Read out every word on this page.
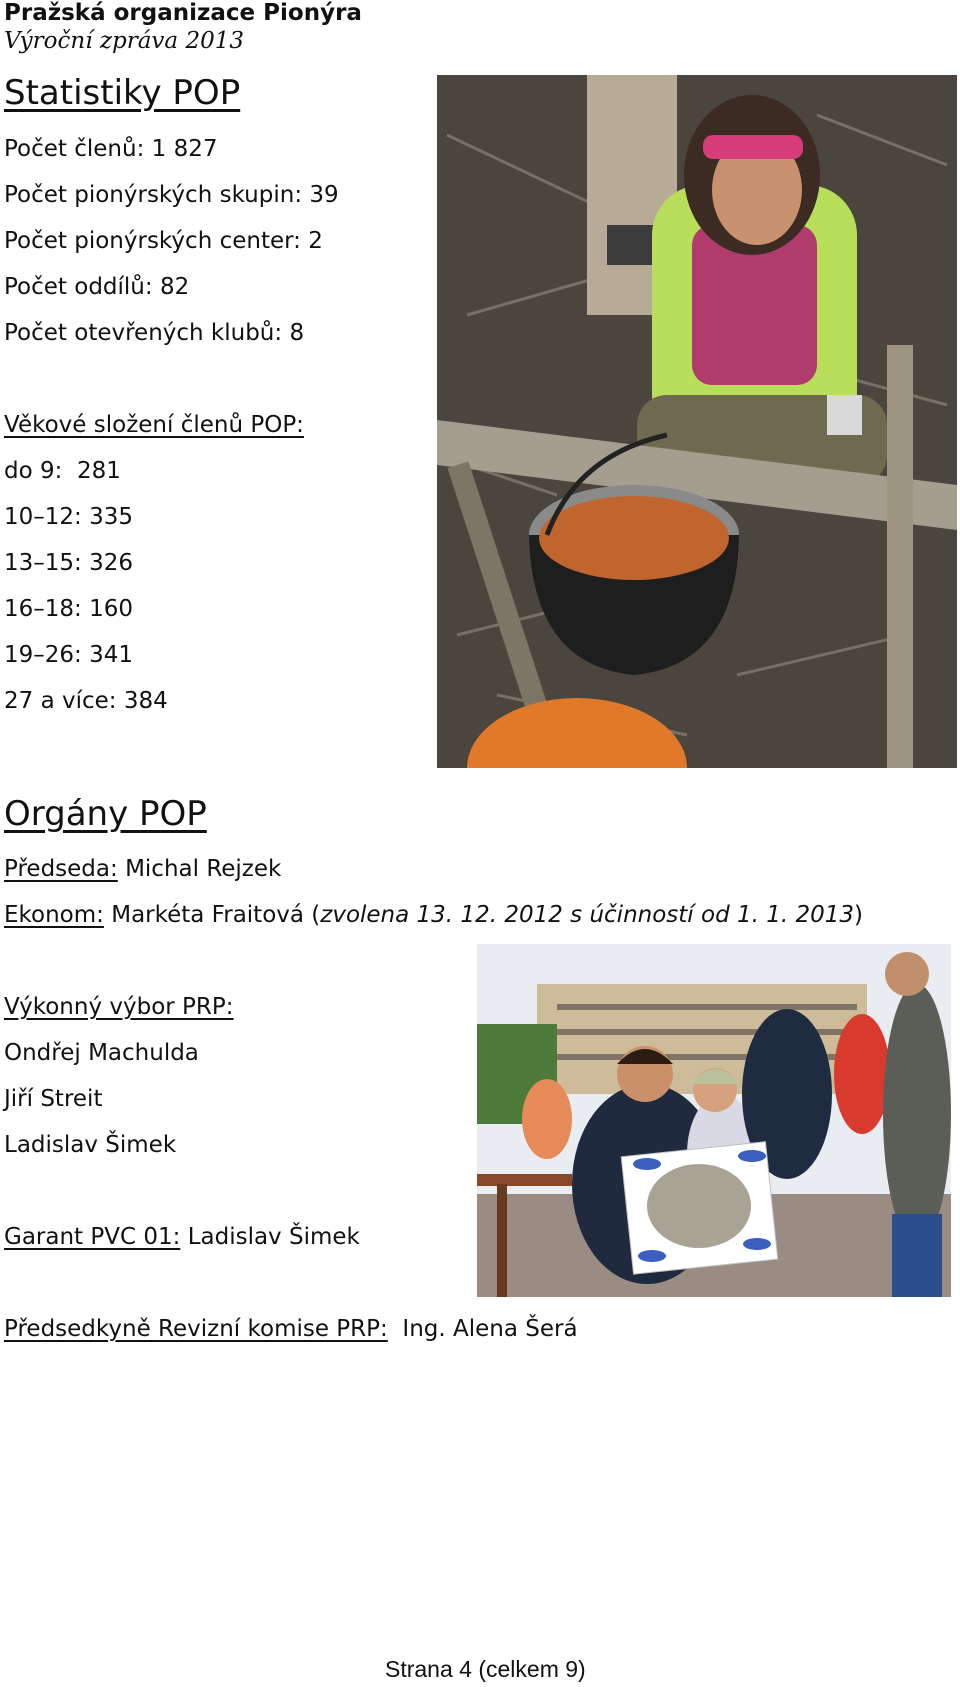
Pražská organizace Pionýra
Výroční zpráva 2013
Statistiky POP
Počet členů: 1 827
Počet pionýrských skupin: 39
Počet pionýrských center: 2
Počet oddílů: 82
Počet otevřených klubů: 8
Věkové složení členů POP:
do 9: 281
10–12: 335
13–15: 326
16–18: 160
19–26: 341
27 a více: 384
Orgány POP
Předseda: Michal Rejzek
Ekonom: Markéta Fraitová (zvolena 13. 12. 2012 s účinností od 1. 1. 2013)
Výkonný výbor PRP:
Ondřej Machulda
Jiří Streit
Ladislav Šimek
Garant PVC 01: Ladislav Šimek
Předsedkyně Revizní komise PRP: Ing. Alena Šerá
Strana 4 (celkem 9)
